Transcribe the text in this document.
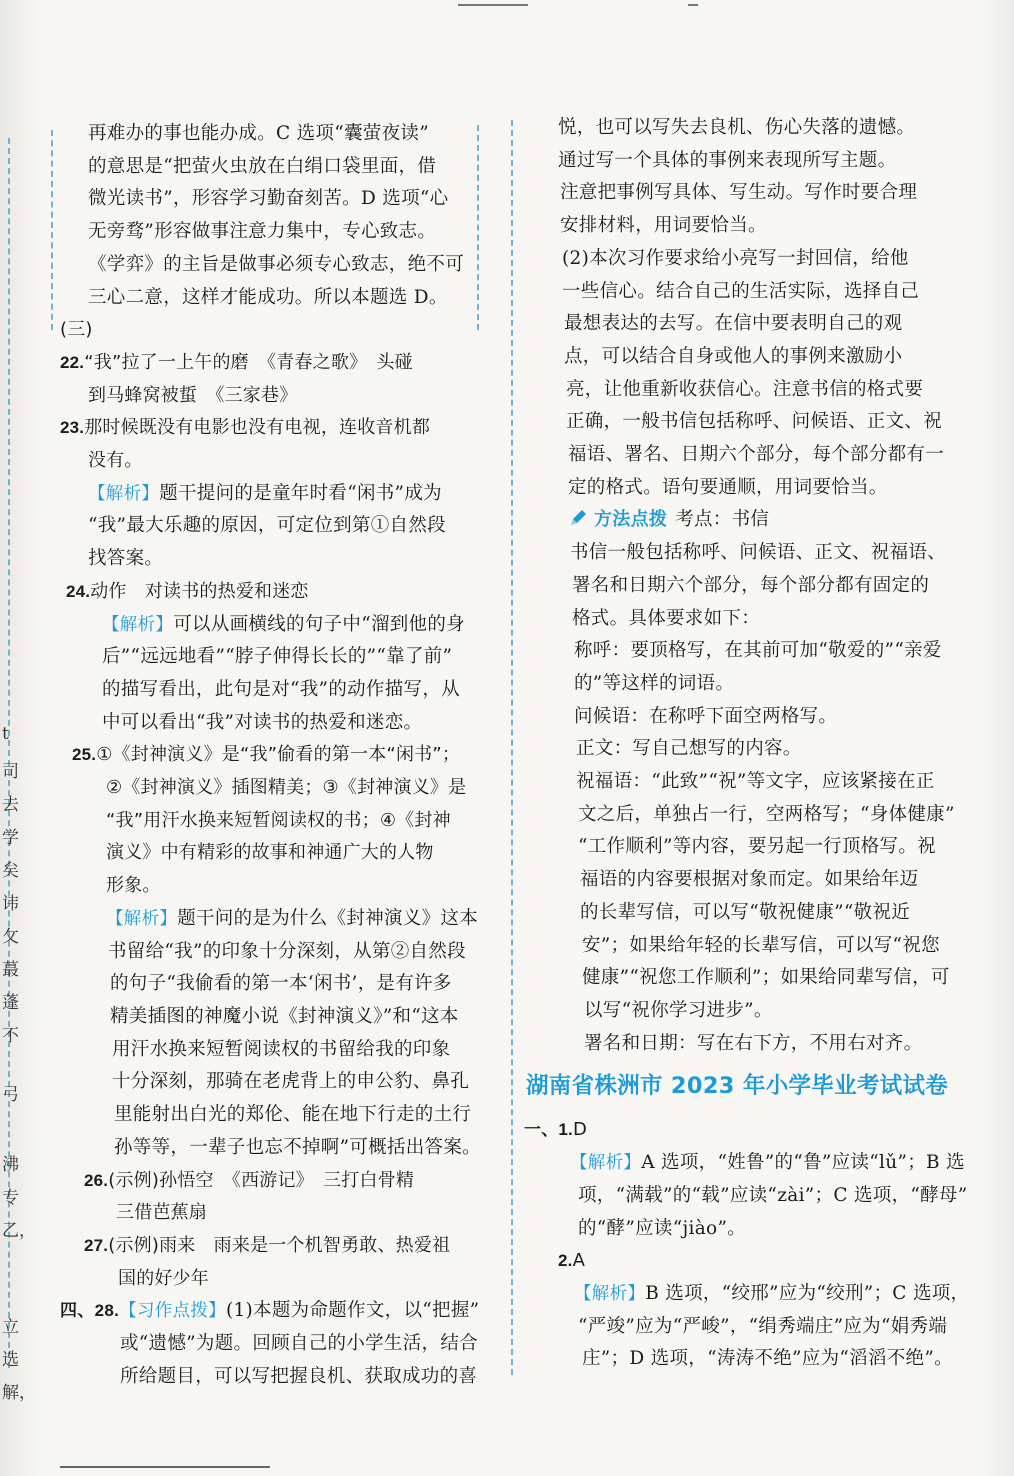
t
司
去
学
矣
讳
攵
蕞
蓬
不
弓
沸
专
乙，
立
选
解，

再难办的事也能办成。C 选项“囊萤夜读”

的意思是“把萤火虫放在白绢口袋里面，借

微光读书”，形容学习勤奋刻苦。D 选项“心

无旁骛”形容做事注意力集中，专心致志。

《学弈》的主旨是做事必须专心致志，绝不可

三心二意，这样才能成功。所以本题选 D。

(三)

22.“我”拉了一上午的磨　《青春之歌》　头碰

到马蜂窝被蜇　《三家巷》

23.那时候既没有电影也没有电视，连收音机都

没有。

【解析】题干提问的是童年时看“闲书”成为

“我”最大乐趣的原因，可定位到第①自然段

找答案。

24.动作　对读书的热爱和迷恋

【解析】可以从画横线的句子中“溜到他的身

后”“远远地看”“脖子伸得长长的”“靠了前”

的描写看出，此句是对“我”的动作描写，从

中可以看出“我”对读书的热爱和迷恋。

25.①《封神演义》是“我”偷看的第一本“闲书”；

②《封神演义》插图精美；③《封神演义》是

“我”用汗水换来短暂阅读权的书；④《封神

演义》中有精彩的故事和神通广大的人物

形象。

【解析】题干问的是为什么《封神演义》这本

书留给“我”的印象十分深刻，从第②自然段

的句子“我偷看的第一本‘闲书’，是有许多

精美插图的神魔小说《封神演义》”和“这本

用汗水换来短暂阅读权的书留给我的印象

十分深刻，那骑在老虎背上的申公豹、鼻孔

里能射出白光的郑伦、能在地下行走的土行

孙等等，一辈子也忘不掉啊”可概括出答案。

26.(示例)孙悟空　《西游记》　三打白骨精

三借芭蕉扇

27.(示例)雨来　雨来是一个机智勇敢、热爱祖

国的好少年

四、28.【习作点拨】(1)本题为命题作文，以“把握”

或“遗憾”为题。回顾自己的小学生活，结合

所给题目，可以写把握良机、获取成功的喜

悦，也可以写失去良机、伤心失落的遗憾。

通过写一个具体的事例来表现所写主题。

注意把事例写具体、写生动。写作时要合理

安排材料，用词要恰当。

(2)本次习作要求给小亮写一封回信，给他

一些信心。结合自己的生活实际，选择自己

最想表达的去写。在信中要表明自己的观

点，可以结合自身或他人的事例来激励小

亮，让他重新收获信心。注意书信的格式要

正确，一般书信包括称呼、问候语、正文、祝

福语、署名、日期六个部分，每个部分都有一

定的格式。语句要通顺，用词要恰当。

方法点拨 考点：书信

书信一般包括称呼、问候语、正文、祝福语、

署名和日期六个部分，每个部分都有固定的

格式。具体要求如下：

称呼：要顶格写，在其前可加“敬爱的”“亲爱

的”等这样的词语。

问候语：在称呼下面空两格写。

正文：写自己想写的内容。

祝福语：“此致”“祝”等文字，应该紧接在正

文之后，单独占一行，空两格写；“身体健康”

“工作顺利”等内容，要另起一行顶格写。祝

福语的内容要根据对象而定。如果给年迈

的长辈写信，可以写“敬祝健康”“敬祝近

安”；如果给年轻的长辈写信，可以写“祝您

健康”“祝您工作顺利”；如果给同辈写信，可

以写“祝你学习进步”。

署名和日期：写在右下方，不用右对齐。

湖南省株洲市 2023 年小学毕业考试试卷

一、1.D

【解析】A 选项，“姓鲁”的“鲁”应读“lǔ”；B 选

项，“满载”的“载”应读“zài”；C 选项，“酵母”

的“酵”应读“jiào”。

2.A

【解析】B 选项，“绞邢”应为“绞刑”；C 选项，

“严竣”应为“严峻”，“绢秀端庄”应为“娟秀端

庄”；D 选项，“涛涛不绝”应为“滔滔不绝”。
